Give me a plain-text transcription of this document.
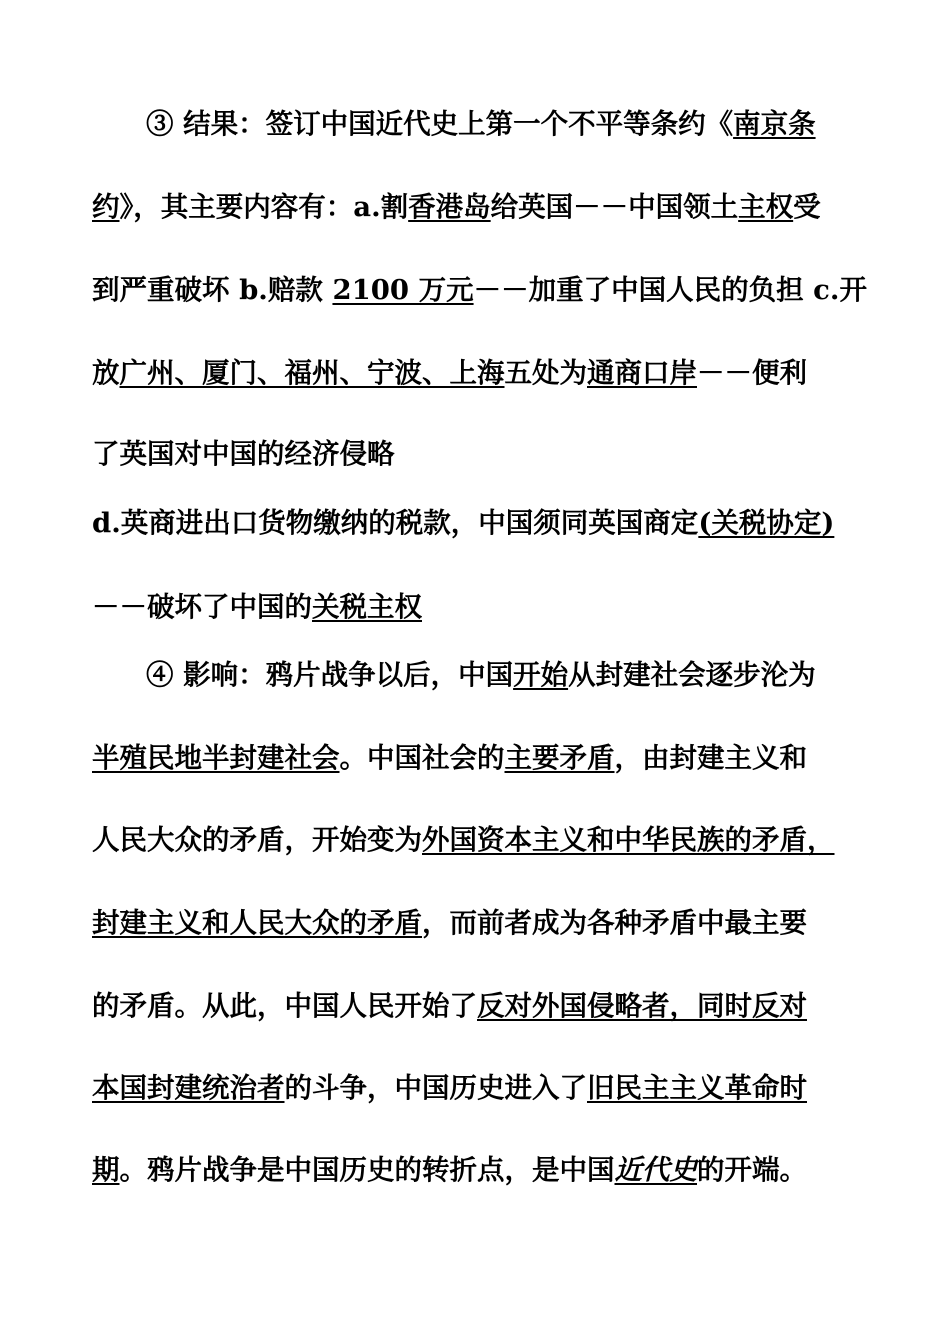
③ 结果：签订中国近代史上第一个不平等条约《南京条
约》，其主要内容有：a.割香港岛给英国－－中国领土主权受
到严重破坏 b.赔款 2100 万元－－加重了中国人民的负担 c.开
放广州、厦门、福州、宁波、上海五处为通商口岸－－便利
了英国对中国的经济侵略
d.英商进出口货物缴纳的税款，中国须同英国商定(关税协定)
－－破坏了中国的关税主权
④ 影响：鸦片战争以后，中国开始从封建社会逐步沦为
半殖民地半封建社会。中国社会的主要矛盾，由封建主义和
人民大众的矛盾，开始变为外国资本主义和中华民族的矛盾，
封建主义和人民大众的矛盾，而前者成为各种矛盾中最主要
的矛盾。从此，中国人民开始了反对外国侵略者，同时反对
本国封建统治者的斗争，中国历史进入了旧民主主义革命时
期。鸦片战争是中国历史的转折点，是中国近代史的开端。
